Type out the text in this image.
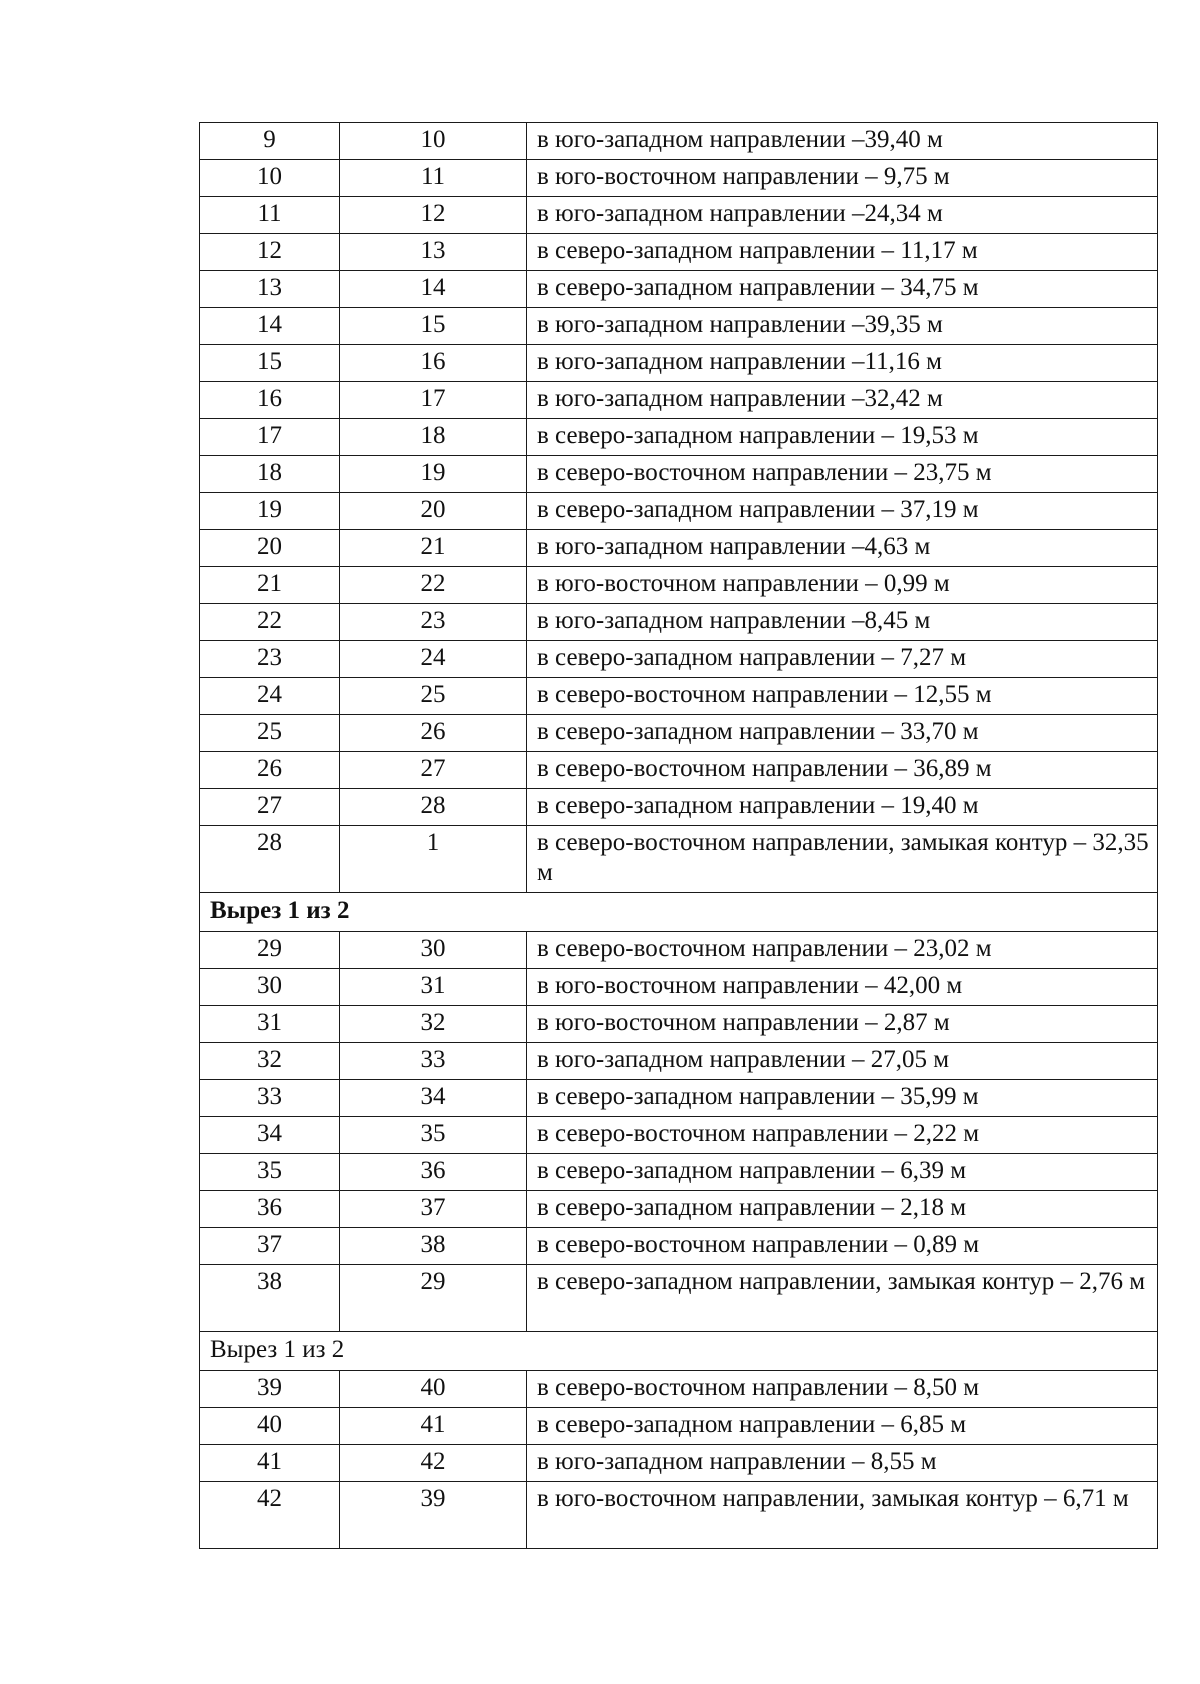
9	10	в юго-западном направлении –39,40 м
10	11	в юго-восточном направлении – 9,75 м
11	12	в юго-западном направлении –24,34 м
12	13	в северо-западном направлении – 11,17 м
13	14	в северо-западном направлении – 34,75 м
14	15	в юго-западном направлении –39,35 м
15	16	в юго-западном направлении –11,16 м
16	17	в юго-западном направлении –32,42 м
17	18	в северо-западном направлении – 19,53 м
18	19	в северо-восточном направлении – 23,75 м
19	20	в северо-западном направлении – 37,19 м
20	21	в юго-западном направлении –4,63 м
21	22	в юго-восточном направлении – 0,99 м
22	23	в юго-западном направлении –8,45 м
23	24	в северо-западном направлении – 7,27 м
24	25	в северо-восточном направлении – 12,55 м
25	26	в северо-западном направлении – 33,70 м
26	27	в северо-восточном направлении – 36,89 м
27	28	в северо-западном направлении – 19,40 м
28	1	в северо-восточном направлении, замыкая контур – 32,35 м
Вырез 1 из 2		
29	30	в северо-восточном направлении – 23,02 м
30	31	в юго-восточном направлении – 42,00 м
31	32	в юго-восточном направлении – 2,87 м
32	33	в юго-западном направлении – 27,05 м
33	34	в северо-западном направлении – 35,99 м
34	35	в северо-восточном направлении – 2,22 м
35	36	в северо-западном направлении – 6,39 м
36	37	в северо-западном направлении – 2,18 м
37	38	в северо-восточном направлении – 0,89 м
38	29	в северо-западном направлении, замыкая контур – 2,76 м
Вырез 1 из 2		
39	40	в северо-восточном направлении – 8,50 м
40	41	в северо-западном направлении – 6,85 м
41	42	в юго-западном направлении – 8,55 м
42	39	в юго-восточном направлении, замыкая контур – 6,71 м
